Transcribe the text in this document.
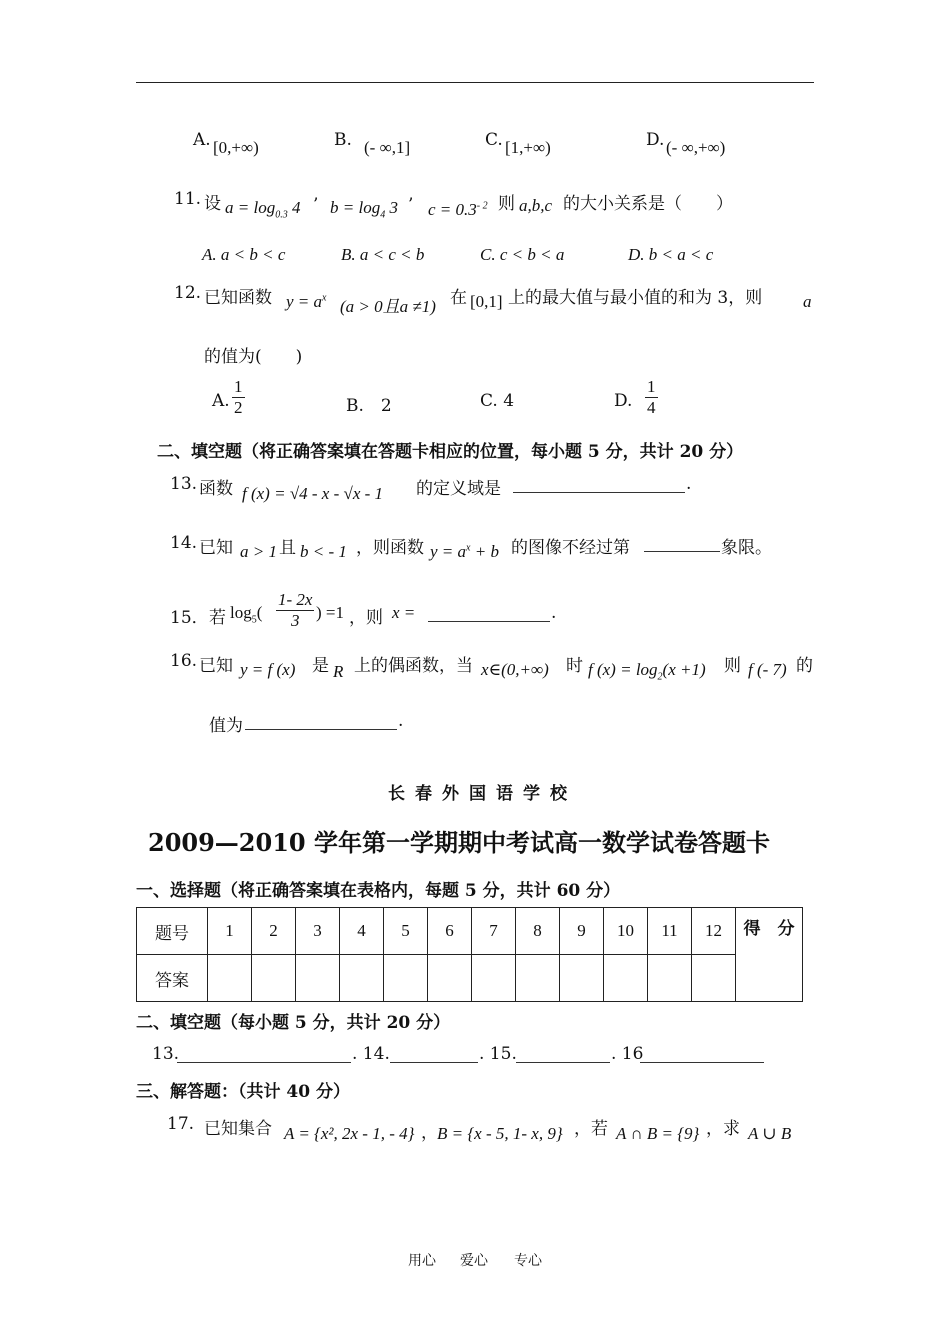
A. [0,+∞)	B. (- ∞,1]	C. [1,+∞)	D. (- ∞,+∞)
11. 设 $a = \log_{0.3} 4$ ’ $b = \log_4 3$ ’ $c = 0.3^{- 2}$ 则 a,b,c 的大小关系是（　　）
A. a < b < c	B. a < c < b	C. c < b < a	D. b < a < c
12. 已知函数 $y = a^x$ (a > 0且a ≠1) 在 [0,1] 上的最大值与最小值的和为 3，则 a
的值为(　　)
A. $\frac{1}{2}$	B.　2	C. 4	D. $\frac{1}{4}$
二、填空题（将正确答案填在答题卡相应的位置，每小题 5 分，共计 20 分）
13. 函数 f (x) = √4 - x - √x - 1 的定义域是	.
14. 已知 a > 1 且 b < - 1 ，则函数 $y = a^x + b$ 的图像不经过第	象限。
15． 若 $\log_5( \frac{1- 2x}{3}$ ) =1 ，则 x =	.
16. 已知 y = f (x) 是 R 上的偶函数，当 x∈(0,+∞) 时 f $(x) = \log_2(x +1)$ 则 f (- 7) 的
值为	.
长春外国语学校
2009—2010 学年第一学期期中考试高一数学试卷答题卡
一、选择题（将正确答案填在表格内，每题 5 分，共计 60 分）
题号	1	2	3	4	5	6	7	8	9	10	11	12	得　分
答案													
二、填空题（每小题 5 分，共计 20 分）
13.	. 14.	. 15.	. 16
三、解答题：（共计 40 分）
17. 已知集合 A = {x², 2x - 1, - 4} ， B = {x - 5, 1- x, 9} ，若 A ∩ B = {9} ，求 A ∪ B
用心 爱心 专心
